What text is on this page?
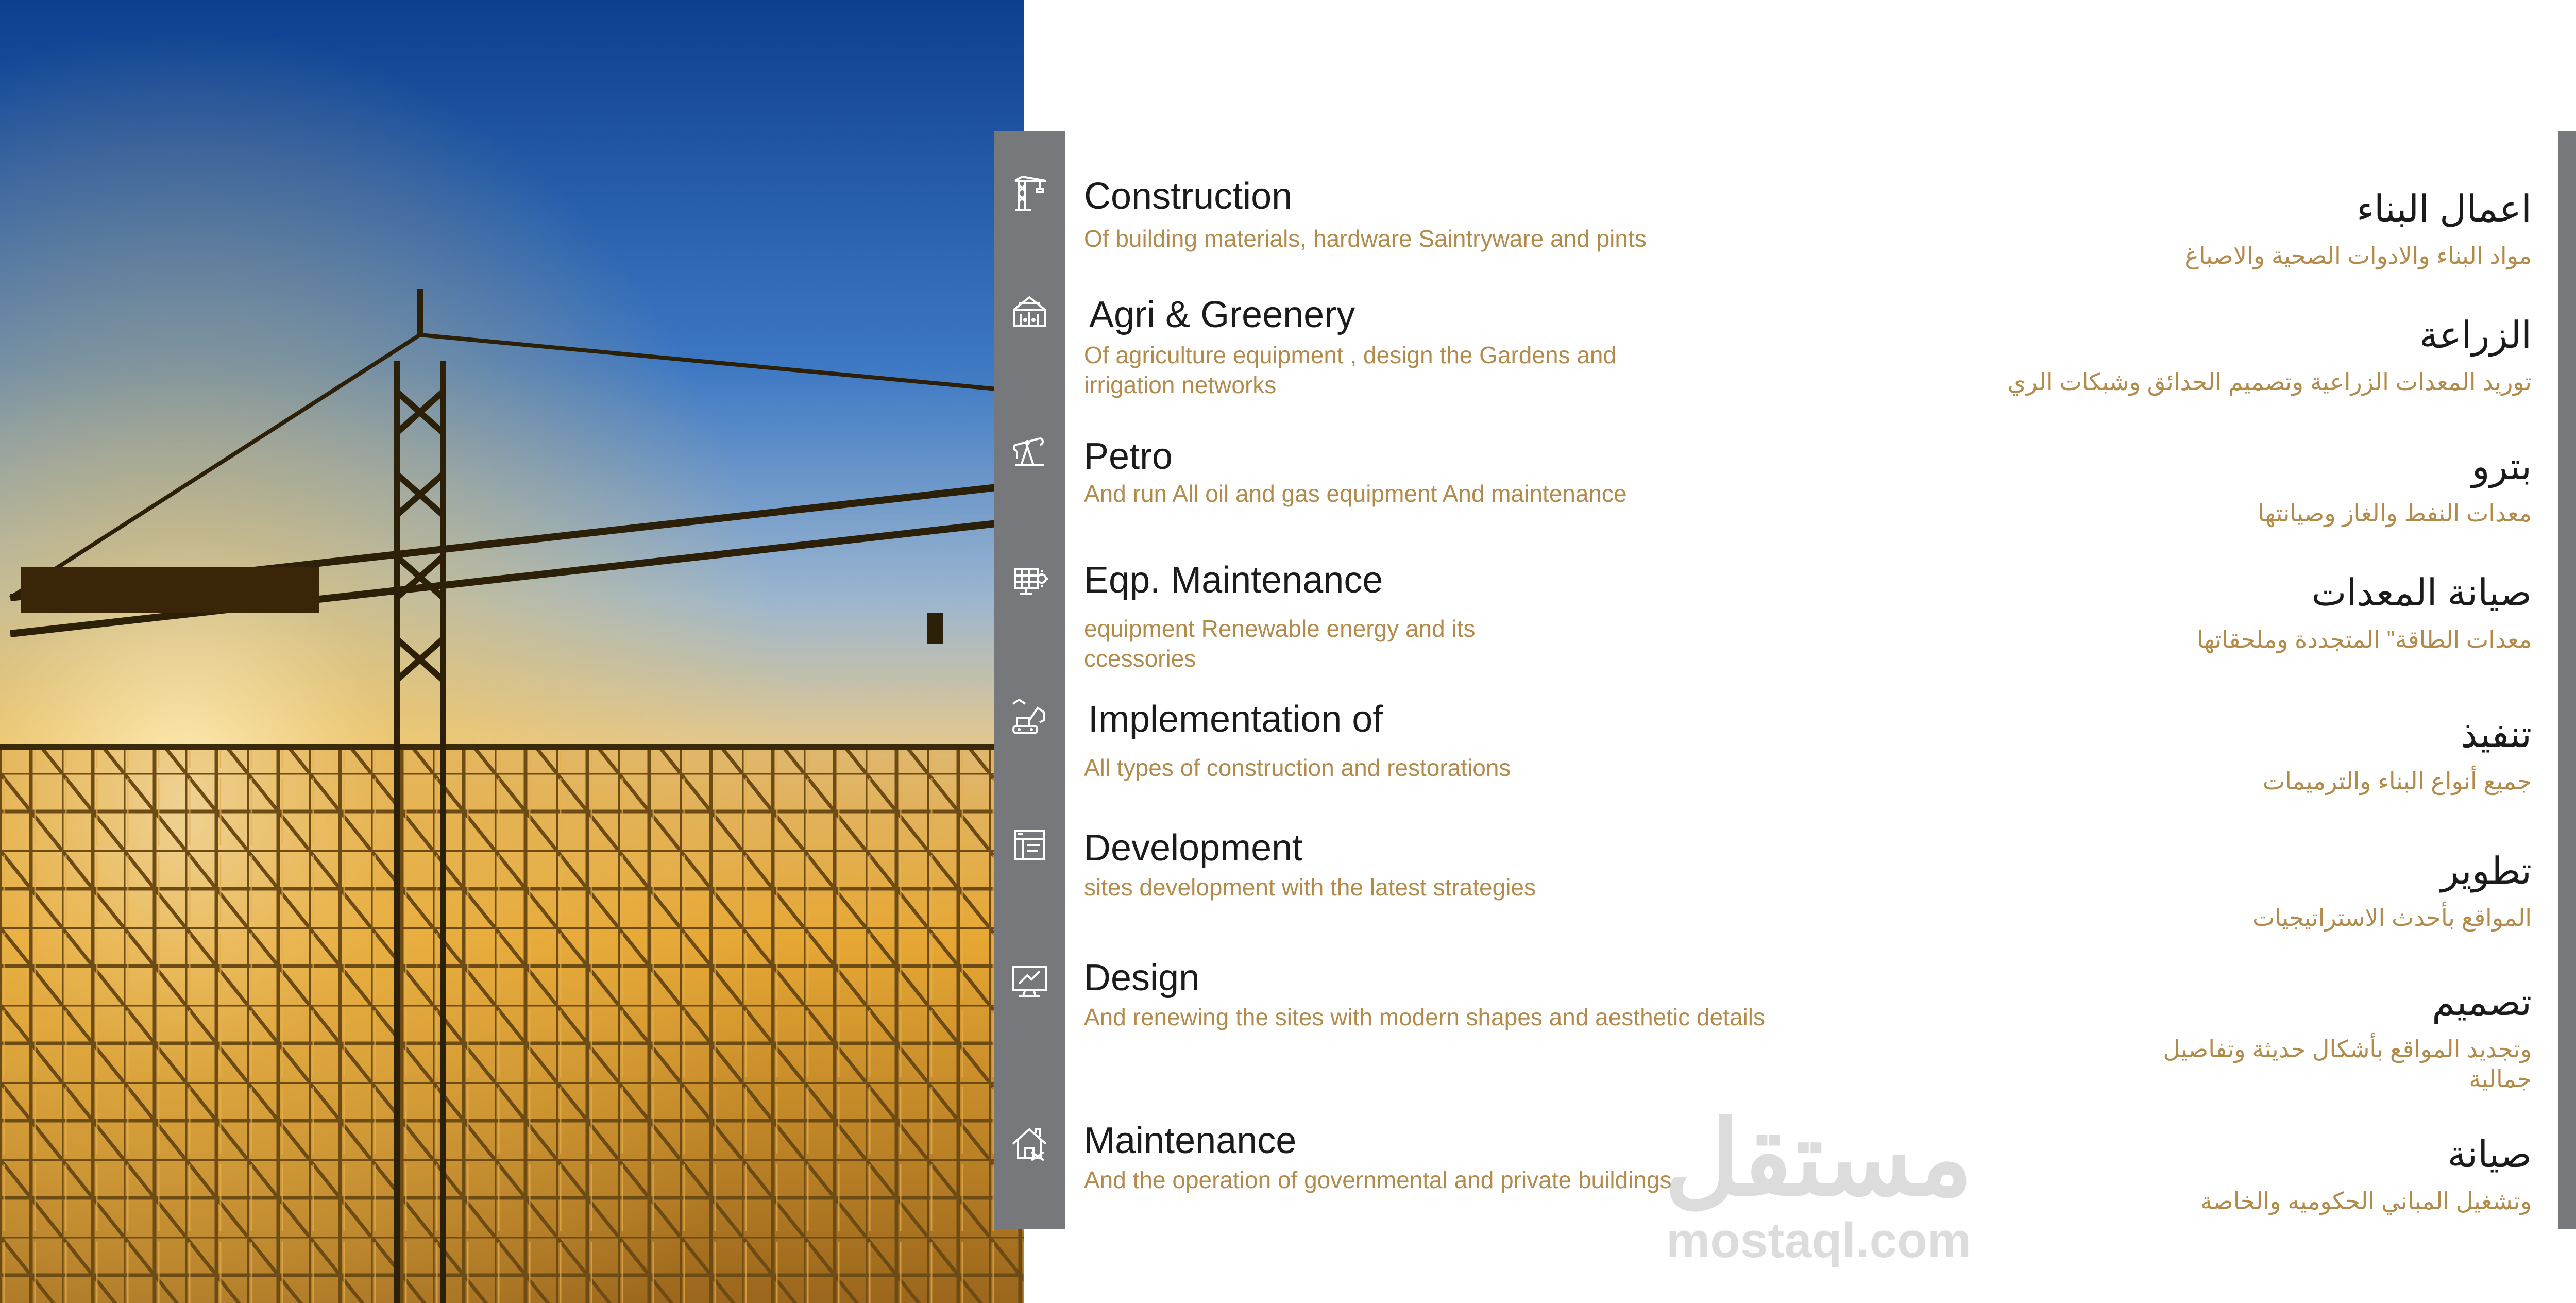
Construction
Of building materials, hardware Saintryware and pints
Agri & Greenery
Of agriculture equipment , design the Gardens and
irrigation networks
Petro
And run All oil and gas equipment And maintenance
Eqp. Maintenance
equipment Renewable energy and its
ccessories
Implementation of
All types of construction and restorations
Development
sites development with the latest strategies
Design
And renewing the sites with modern shapes and aesthetic details
Maintenance
And the operation of governmental and private buildings
اعمال البناء
مواد البناء والادوات الصحية والاصباغ
الزراعة
توريد المعدات الزراعية وتصميم الحدائق وشبكات الري
بترو
معدات النفط والغاز وصيانتها
صيانة المعدات
معدات الطاقة" المتجددة وملحقاتها
تنفيذ
جميع أنواع البناء والترميمات
تطوير
المواقع بأحدث الاستراتيجيات
تصميم
وتجديد المواقع بأشكال حديثة وتفاصيل
جمالية
صيانة
وتشغيل المباني الحكوميه والخاصة
مستقل
mostaql.com
